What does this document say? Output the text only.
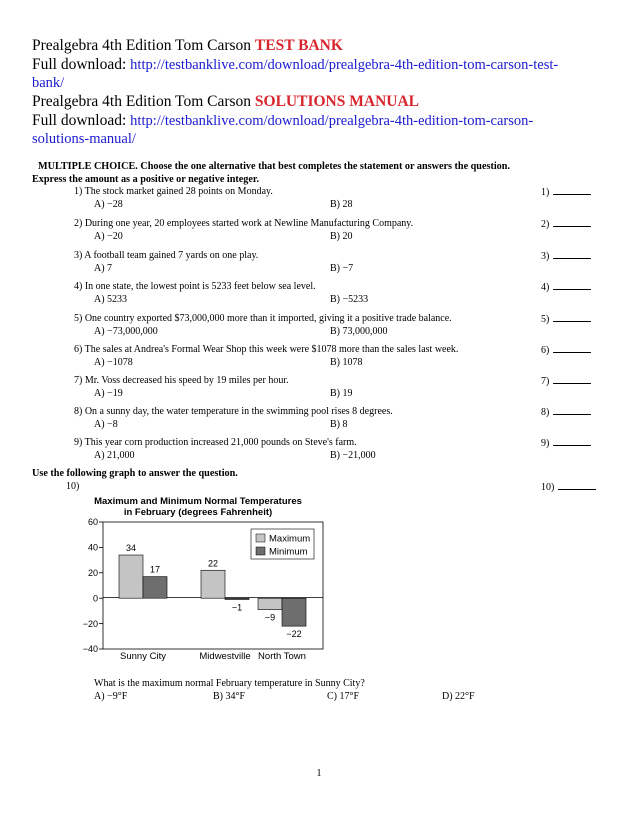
Prealgebra 4th Edition Tom Carson TEST BANK
Full download: http://testbanklive.com/download/prealgebra-4th-edition-tom-carson-test-
bank/
Prealgebra 4th Edition Tom Carson SOLUTIONS MANUAL
Full download: http://testbanklive.com/download/prealgebra-4th-edition-tom-carson-
solutions-manual/
MULTIPLE CHOICE. Choose the one alternative that best completes the statement or answers the question.
Express the amount as a positive or negative integer.
1) The stock market gained 28 points on Monday.	1)
A) −28	B) 28
2) During one year, 20 employees started work at Newline Manufacturing Company.	2)
A) −20	B) 20
3) A football team gained 7 yards on one play.	3)
A) 7	B) −7
4) In one state, the lowest point is 5233 feet below sea level.	4)
A) 5233	B) −5233
5) One country exported $73,000,000 more than it imported, giving it a positive trade balance.	5)
A) −73,000,000	B) 73,000,000
6) The sales at Andrea's Formal Wear Shop this week were $1078 more than the sales last week.	6)
A) −1078	B) 1078
7) Mr. Voss decreased his speed by 19 miles per hour.	7)
A) −19	B) 19
8) On a sunny day, the water temperature in the swimming pool rises 8 degrees.	8)
A) −8	B) 8
9) This year corn production increased 21,000 pounds on Steve's farm.	9)
A) 21,000	B) −21,000
Use the following graph to answer the question.
10)	10)
Maximum and Minimum Normal Temperatures
in February (degrees Fahrenheit)
60
40
20
0
−20
−40
34
17
22
−1
−9
−22
Sunny City	Midwestville North Town
Maximum
Minimum
What is the maximum normal February temperature in Sunny City?
A) −9°F	B) 34°F	C) 17°F	D) 22°F
1
